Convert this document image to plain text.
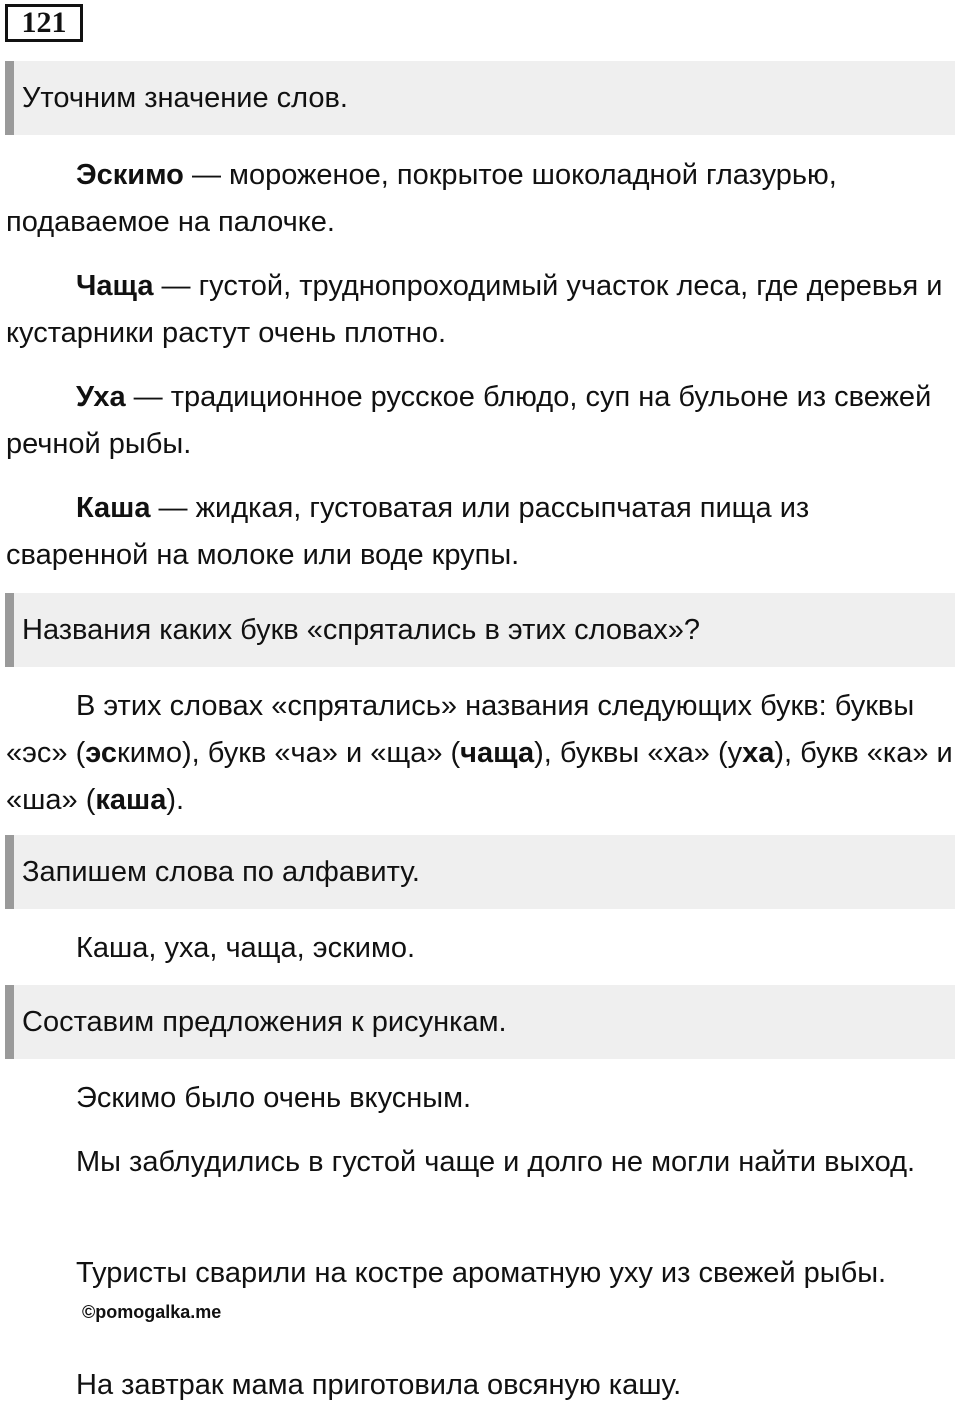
121
Уточним значение слов.

Эскимо — мороженое, покрытое шоколадной глазурью, подаваемое на палочке.

Чаща — густой, труднопроходимый участок леса, где деревья и кустарники растут очень плотно.

Уха — традиционное русское блюдо, суп на бульоне из свежей речной рыбы.

Каша — жидкая, густоватая или рассыпчатая пища из сваренной на молоке или воде крупы.

Названия каких букв «спрятались в этих словах»?

В этих словах «спрятались» названия следующих букв: буквы «эс» (эскимо), букв «ча» и «ща» (чаща), буквы «ха» (уха), букв «ка» и «ша» (каша).

Запишем слова по алфавиту.

Каша, уха, чаща, эскимо.

Составим предложения к рисункам.

Эскимо было очень вкусным.

Мы заблудились в густой чаще и долго не могли найти выход.

Туристы сварили на костре ароматную уху из свежей рыбы.

©pomogalka.me

На завтрак мама приготовила овсяную кашу.
